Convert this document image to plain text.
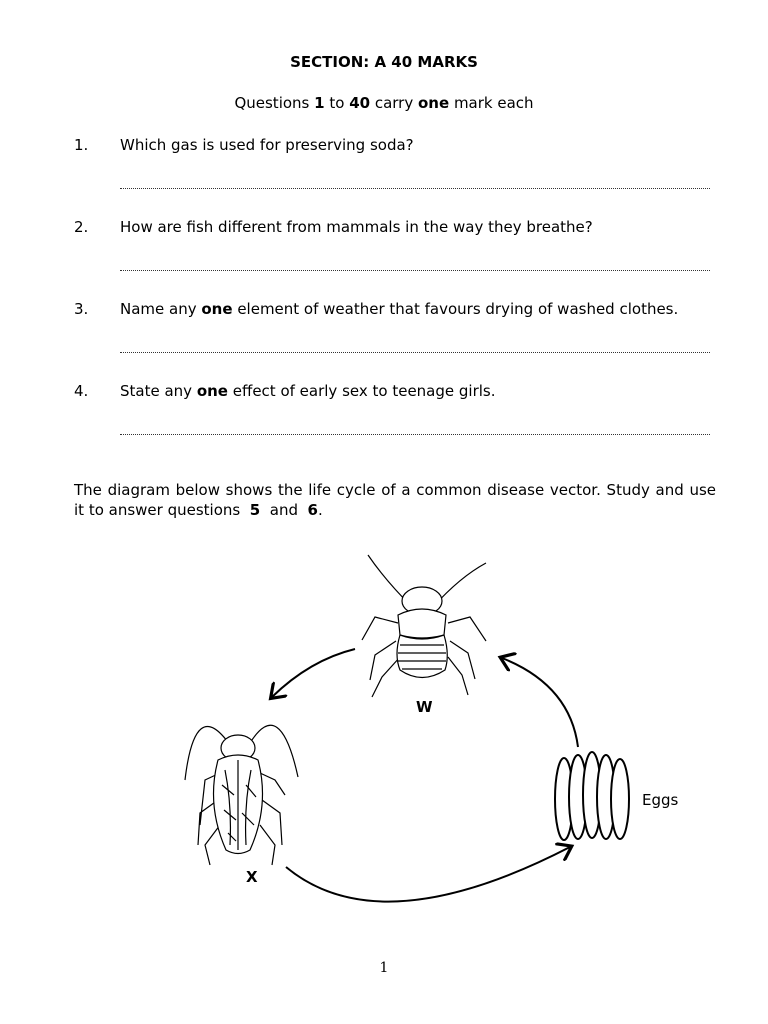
SECTION: A 40 MARKS
Questions 1 to 40 carry one mark each
1. Which gas is used for preserving soda?
2. How are fish different from mammals in the way they breathe?
3. Name any one element of weather that favours drying of washed clothes.
4. State any one effect of early sex to teenage girls.
The diagram below shows the life cycle of a common disease vector. Study and use it to answer questions  5  and  6.
W
X
Eggs
1
